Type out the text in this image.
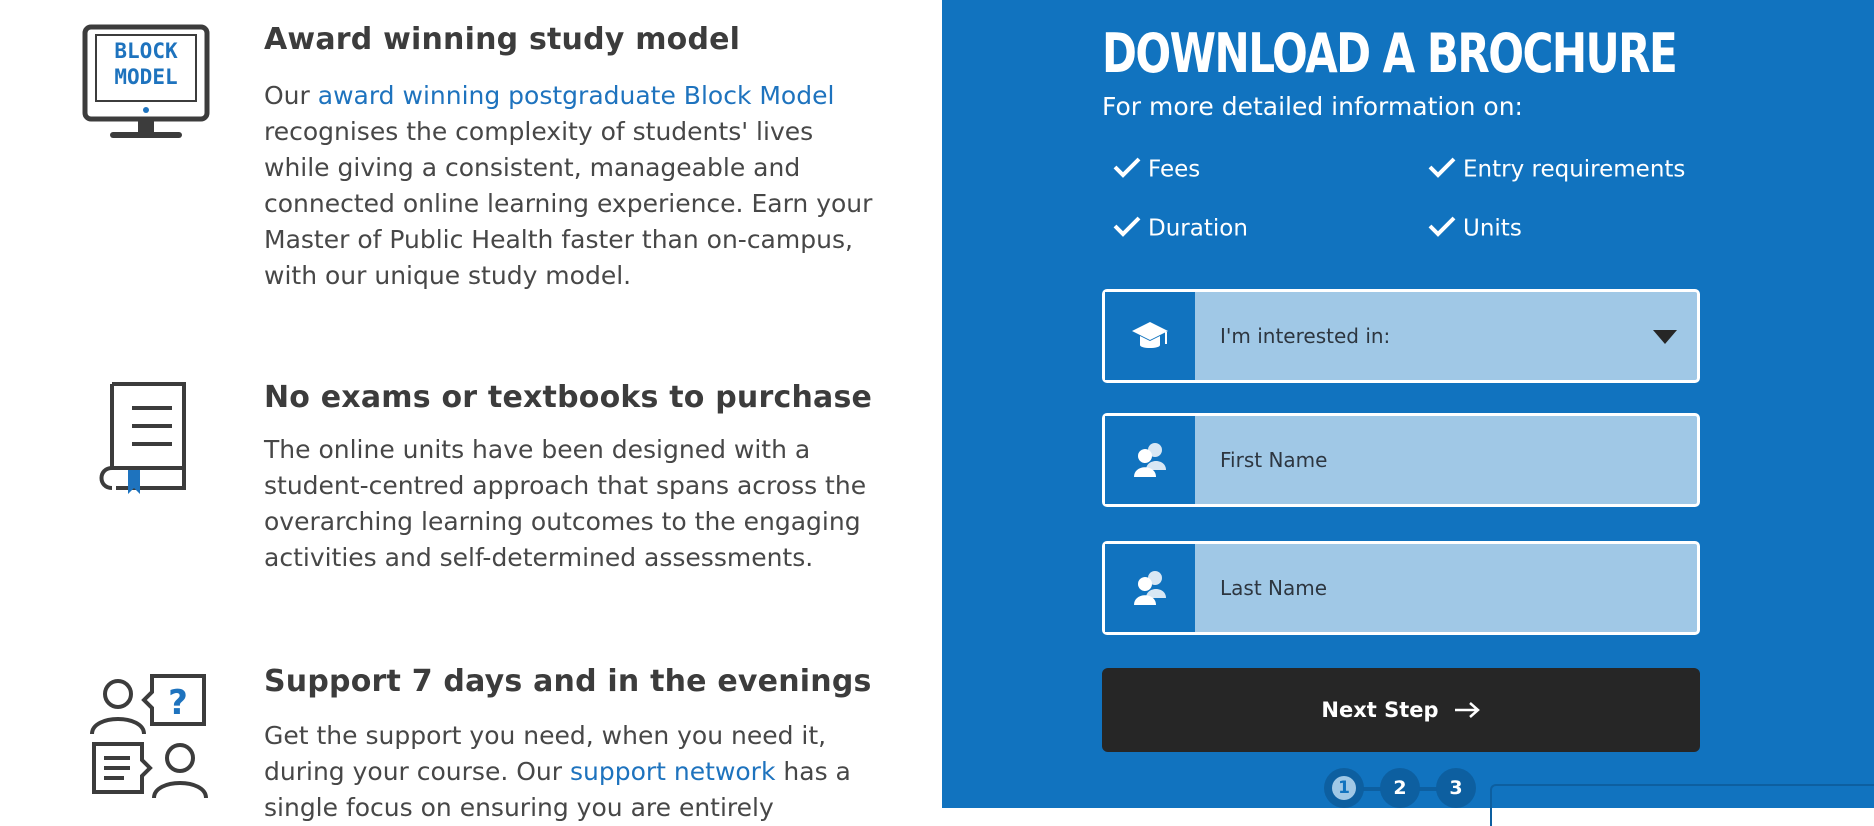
BLOCK
MODEL
Award winning study model

Our award winning postgraduate Block Model recognises the complexity of students' lives while giving a consistent, manageable and connected online learning experience. Earn your Master of Public Health faster than on-campus, with our unique study model.

No exams or textbooks to purchase

The online units have been designed with a student-centred approach that spans across the overarching learning outcomes to the engaging activities and self-determined assessments.

?
Support 7 days and in the evenings

Get the support you need, when you need it, during your course. Our support network has a single focus on ensuring you are entirely

DOWNLOAD A BROCHURE
For more detailed information on:
Fees	Entry requirements
Duration	Units
I'm interested in:
First Name
Last Name
Next Step
1	2	3
